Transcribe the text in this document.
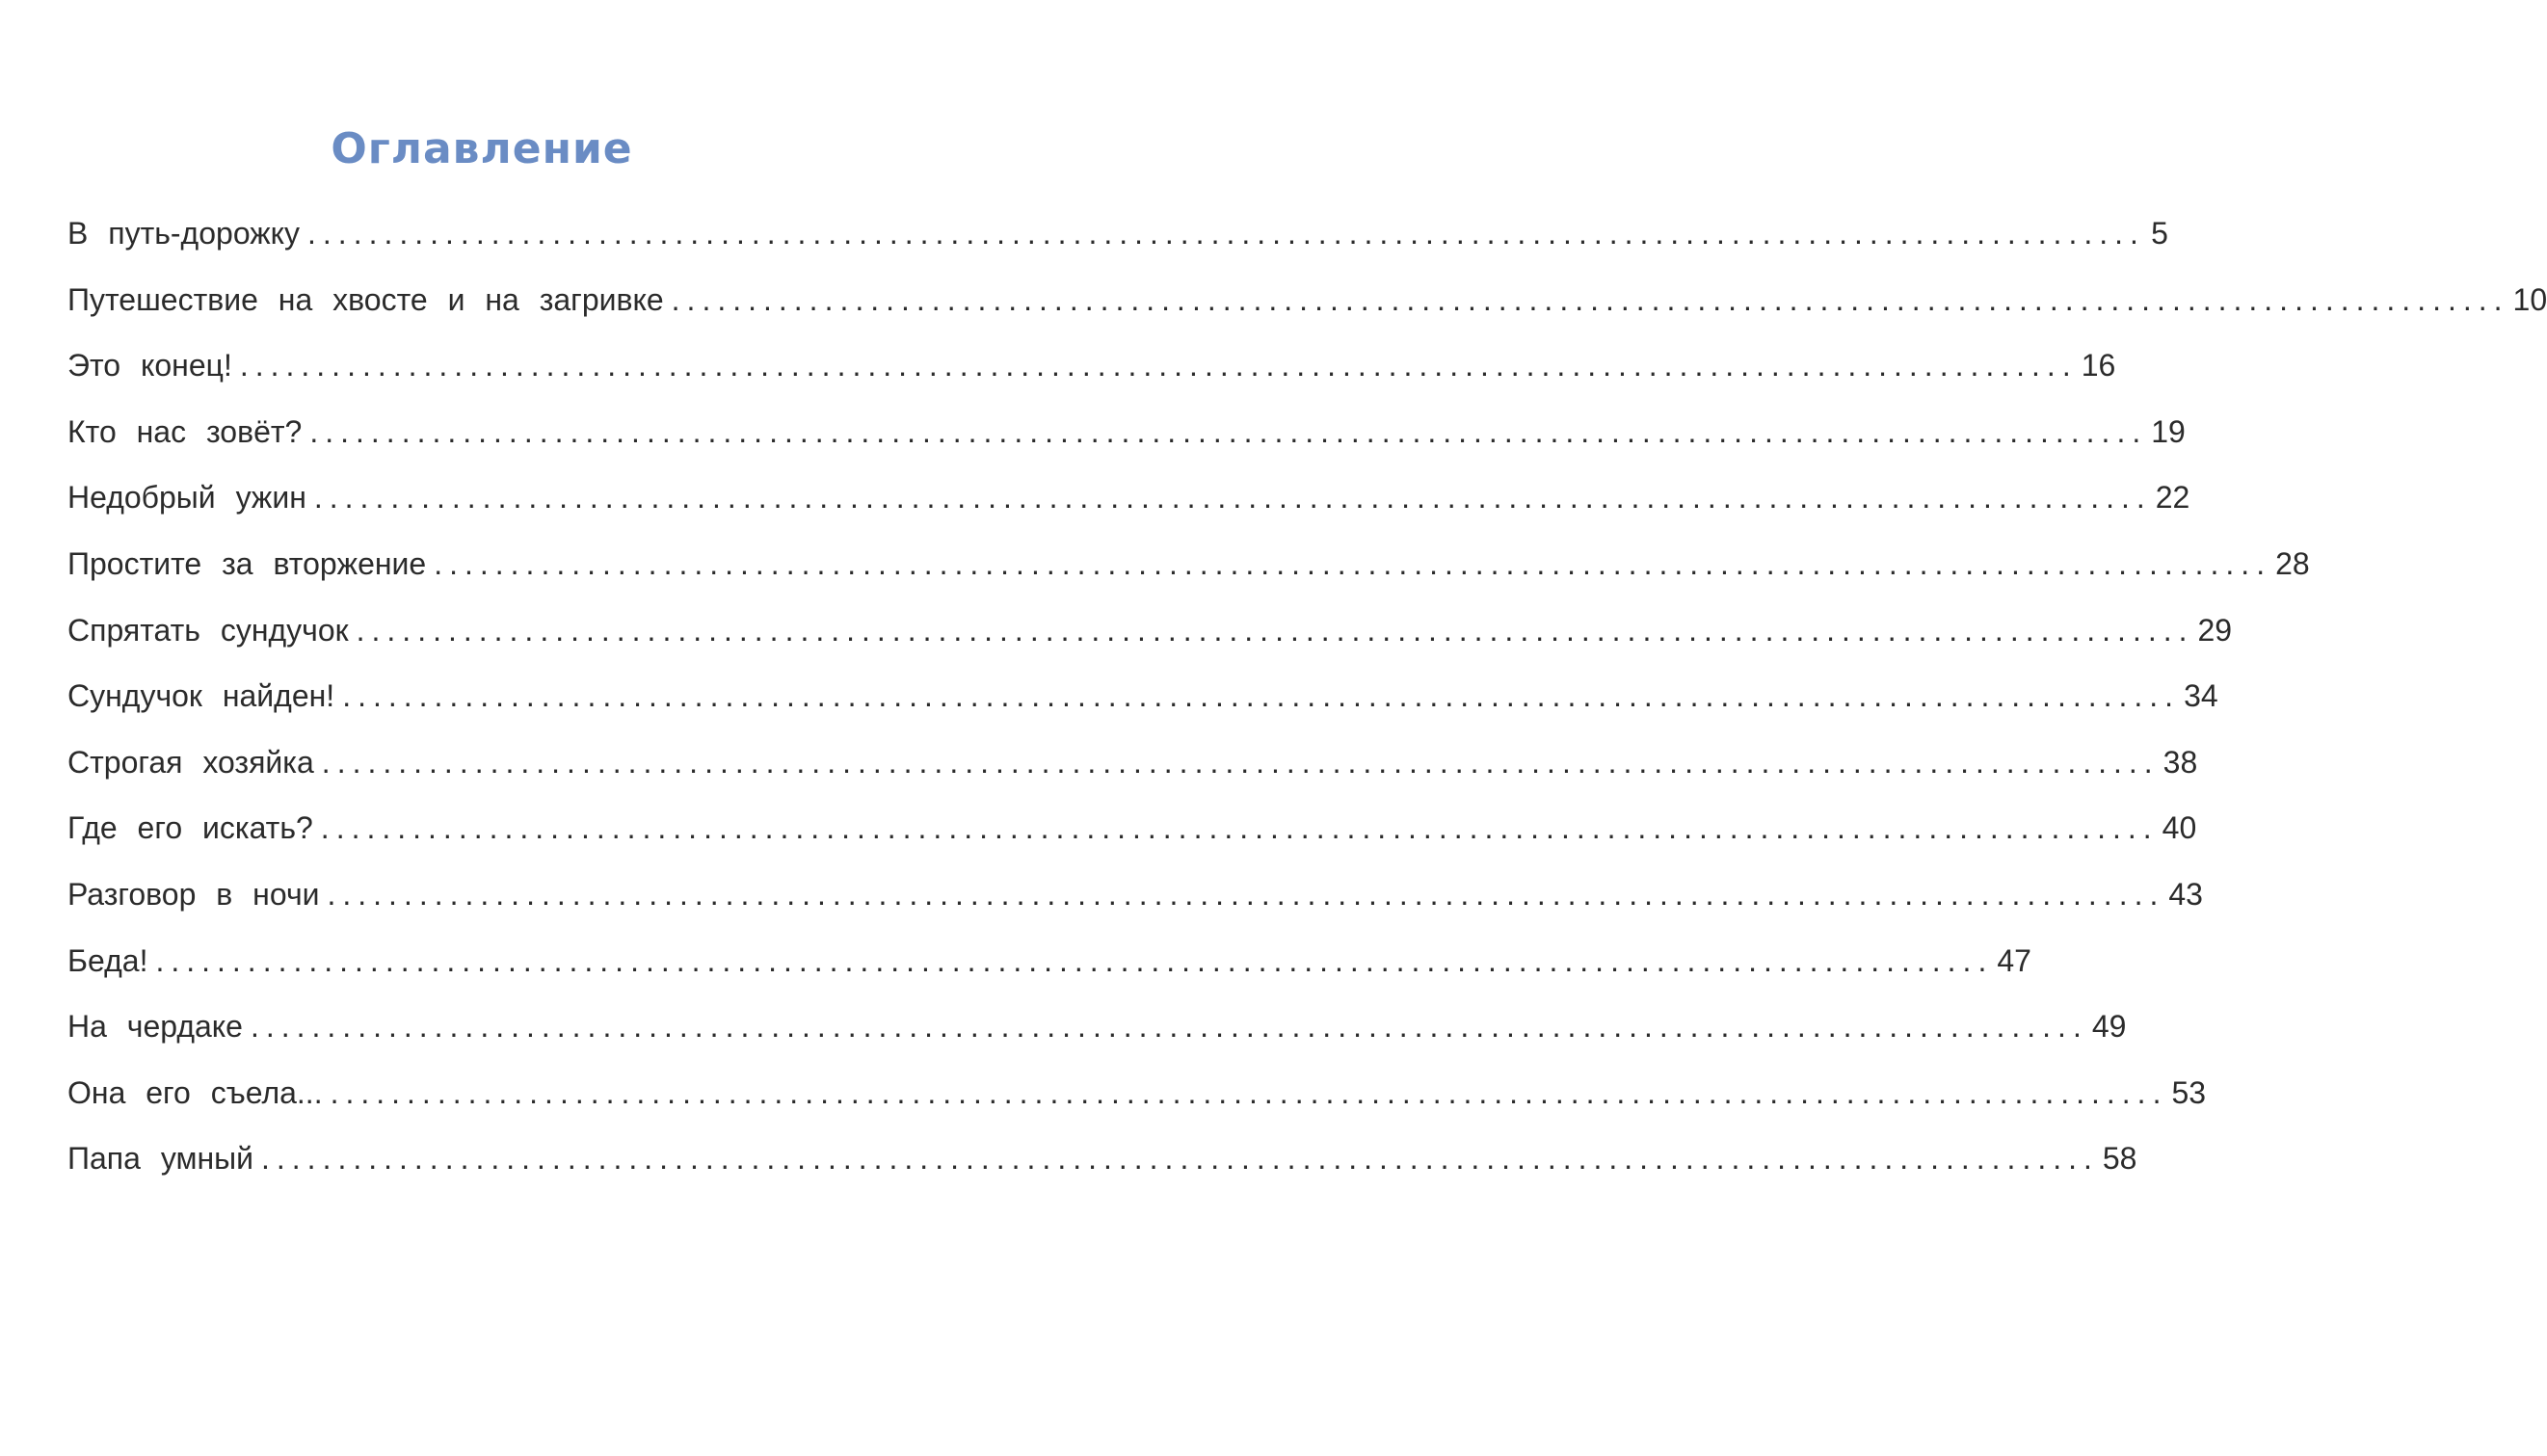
Оглавление
В путь-дорожку ........................................................................................................................ 5
Путешествие на хвосте и на загривке ........................................................................................................................ 10
Это конец! ........................................................................................................................ 16
Кто нас зовёт? ........................................................................................................................ 19
Недобрый ужин ........................................................................................................................ 22
Простите за вторжение ........................................................................................................................ 28
Спрятать сундучок ........................................................................................................................ 29
Сундучок найден! ........................................................................................................................ 34
Строгая хозяйка ........................................................................................................................ 38
Где его искать? ........................................................................................................................ 40
Разговор в ночи ........................................................................................................................ 43
Беда! ........................................................................................................................ 47
На чердаке ........................................................................................................................ 49
Она его съела... ........................................................................................................................ 53
Папа умный ........................................................................................................................ 58
